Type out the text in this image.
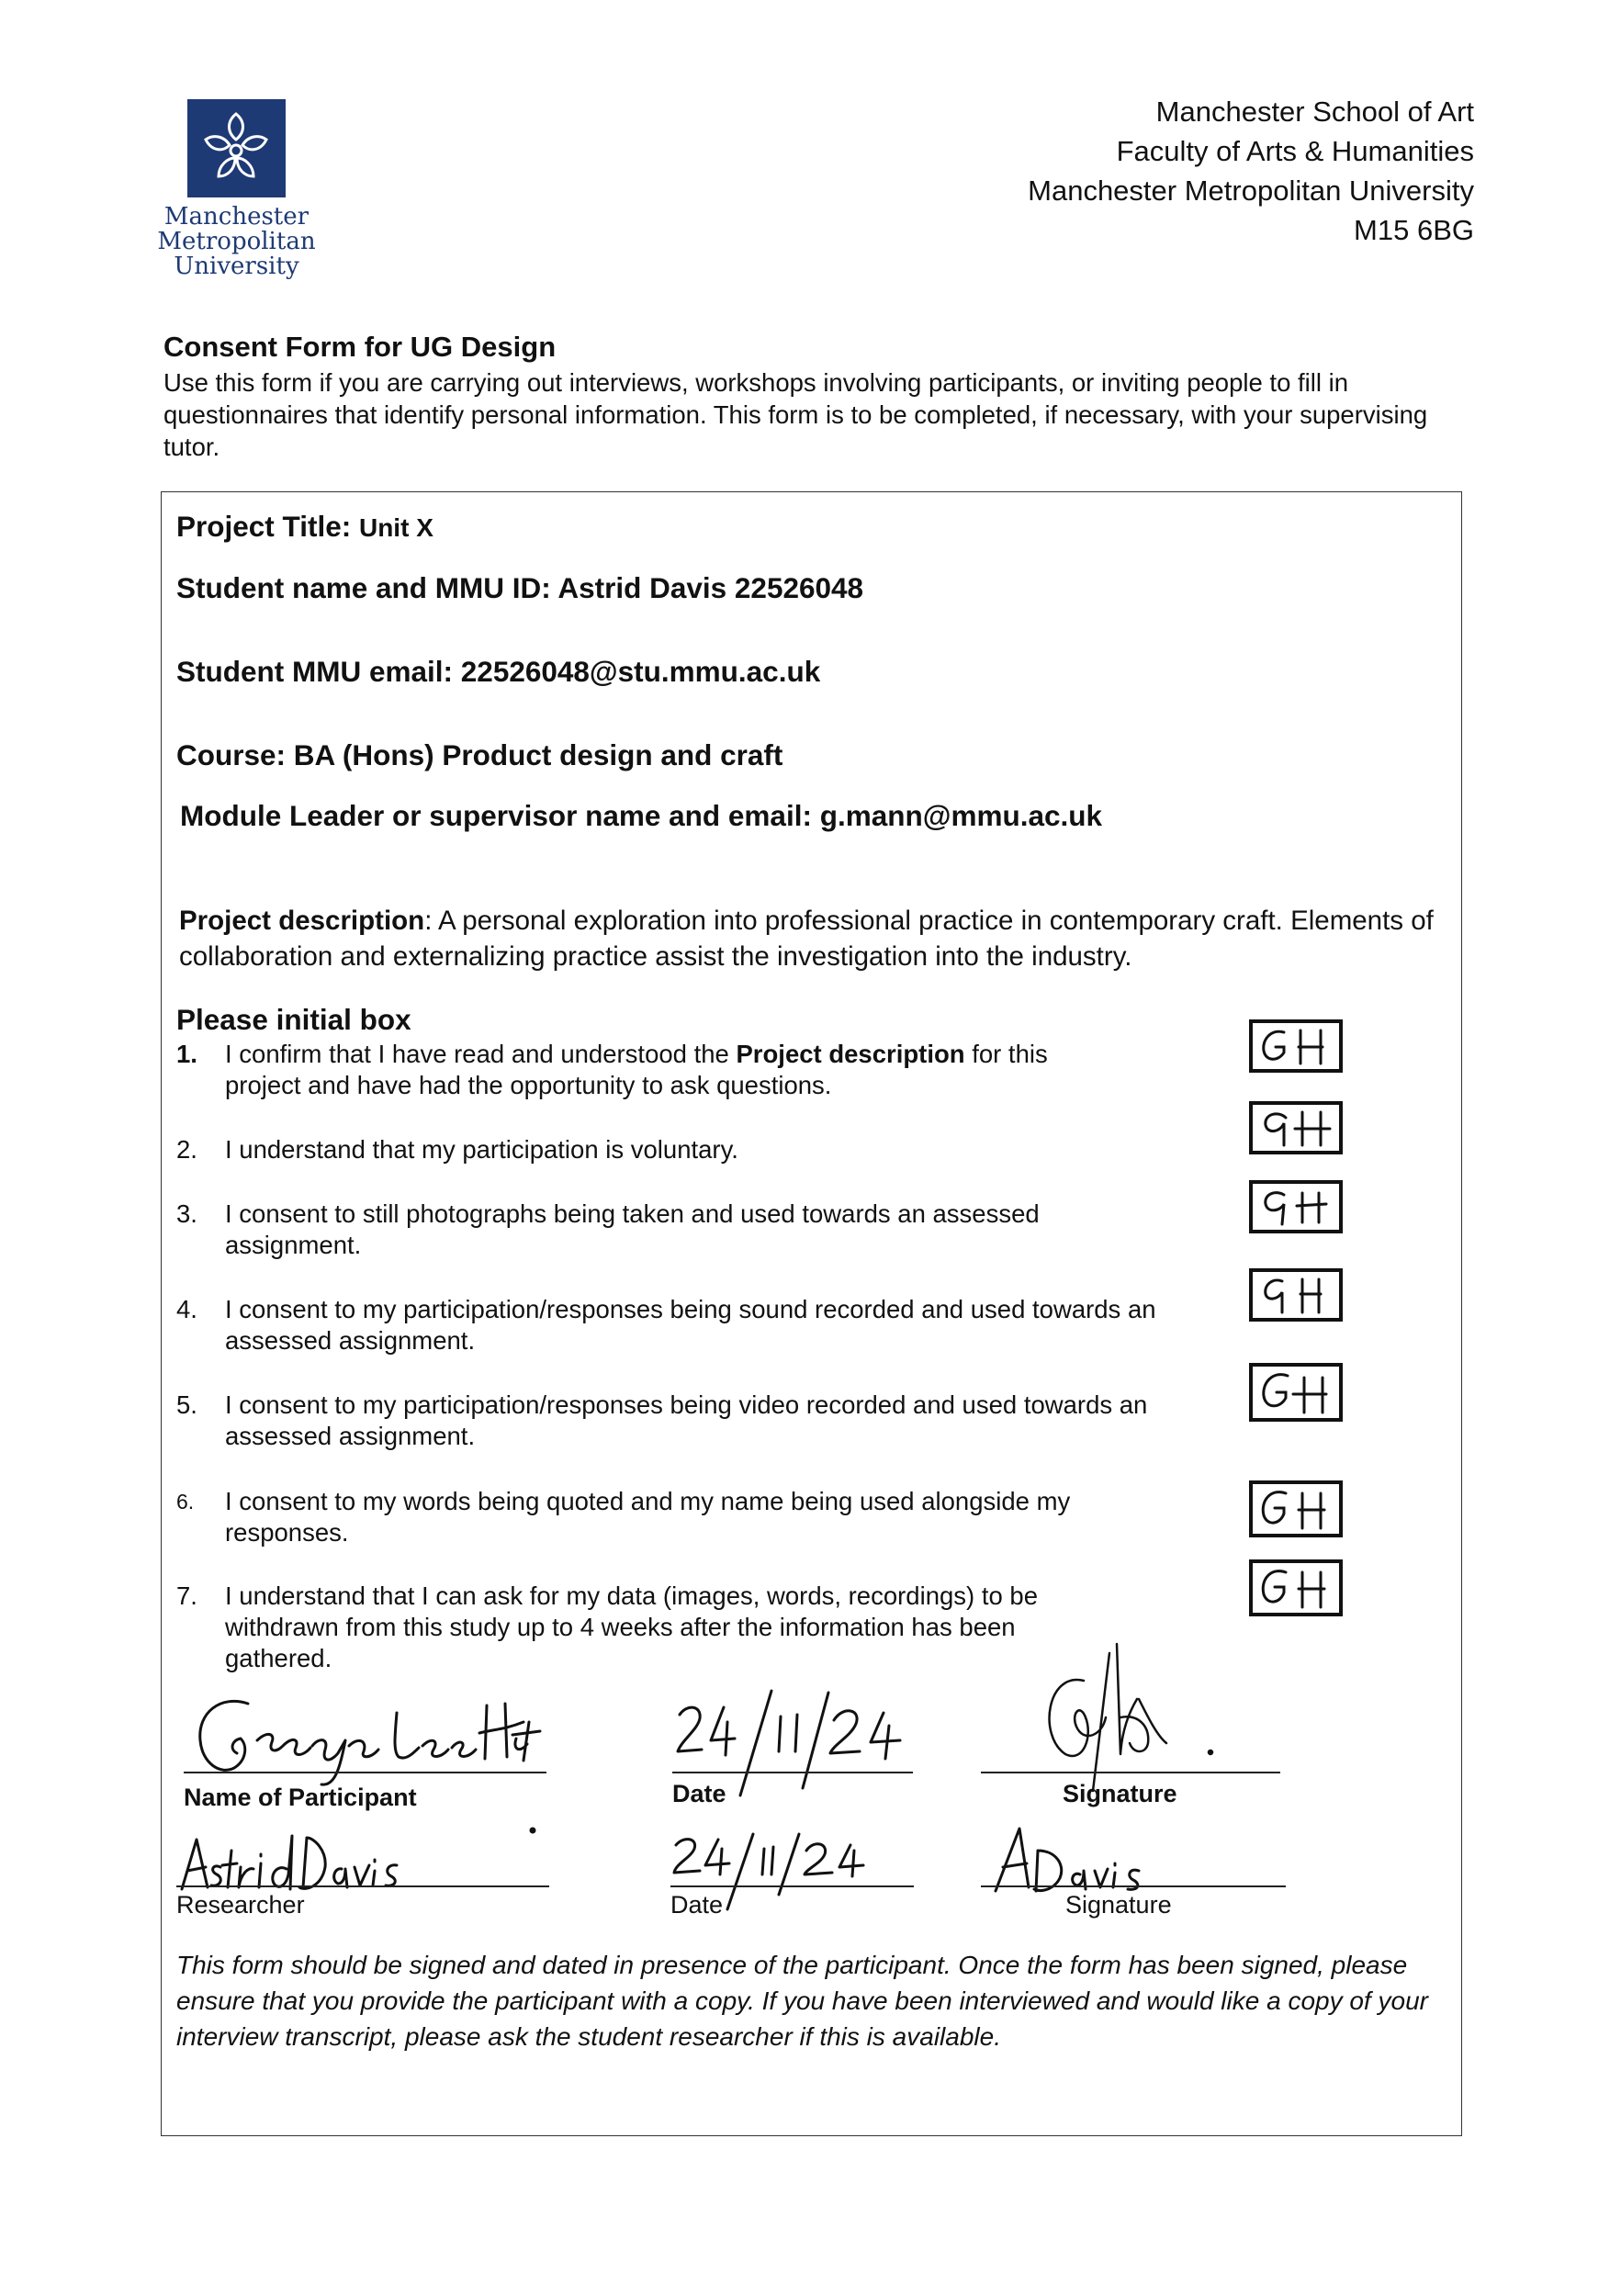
Manchester
Metropolitan
University
Manchester School of Art
Faculty of Arts & Humanities
Manchester Metropolitan University
M15 6BG
Consent Form for UG Design
Use this form if you are carrying out interviews, workshops involving participants, or inviting people to fill in questionnaires that identify personal information. This form is to be completed, if necessary, with your supervising tutor.
Project Title: Unit X
Student name and MMU ID: Astrid Davis 22526048
Student MMU email: 22526048@stu.mmu.ac.uk
Course: BA (Hons) Product design and craft
Module Leader or supervisor name and email: g.mann@mmu.ac.uk
Project description: A personal exploration into professional practice in contemporary craft. Elements of collaboration and externalizing practice assist the investigation into the industry.
Please initial box
1.	I confirm that I have read and understood the Project description for this project and have had the opportunity to ask questions.
2.	I understand that my participation is voluntary.
3.	I consent to still photographs being taken and used towards an assessed assignment.
4.	I consent to my participation/responses being sound recorded and used towards an assessed assignment.
5.	I consent to my participation/responses being video recorded and used towards an assessed assignment.
6.	I consent to my words being quoted and my name being used alongside my responses.
7.	I understand that I can ask for my data (images, words, recordings) to be withdrawn from this study up to 4 weeks after the information has been gathered.
Name of Participant	Date	Signature
Researcher	Date	Signature
This form should be signed and dated in presence of the participant. Once the form has been signed, please ensure that you provide the participant with a copy. If you have been interviewed and would like a copy of your interview transcript, please ask the student researcher if this is available.
